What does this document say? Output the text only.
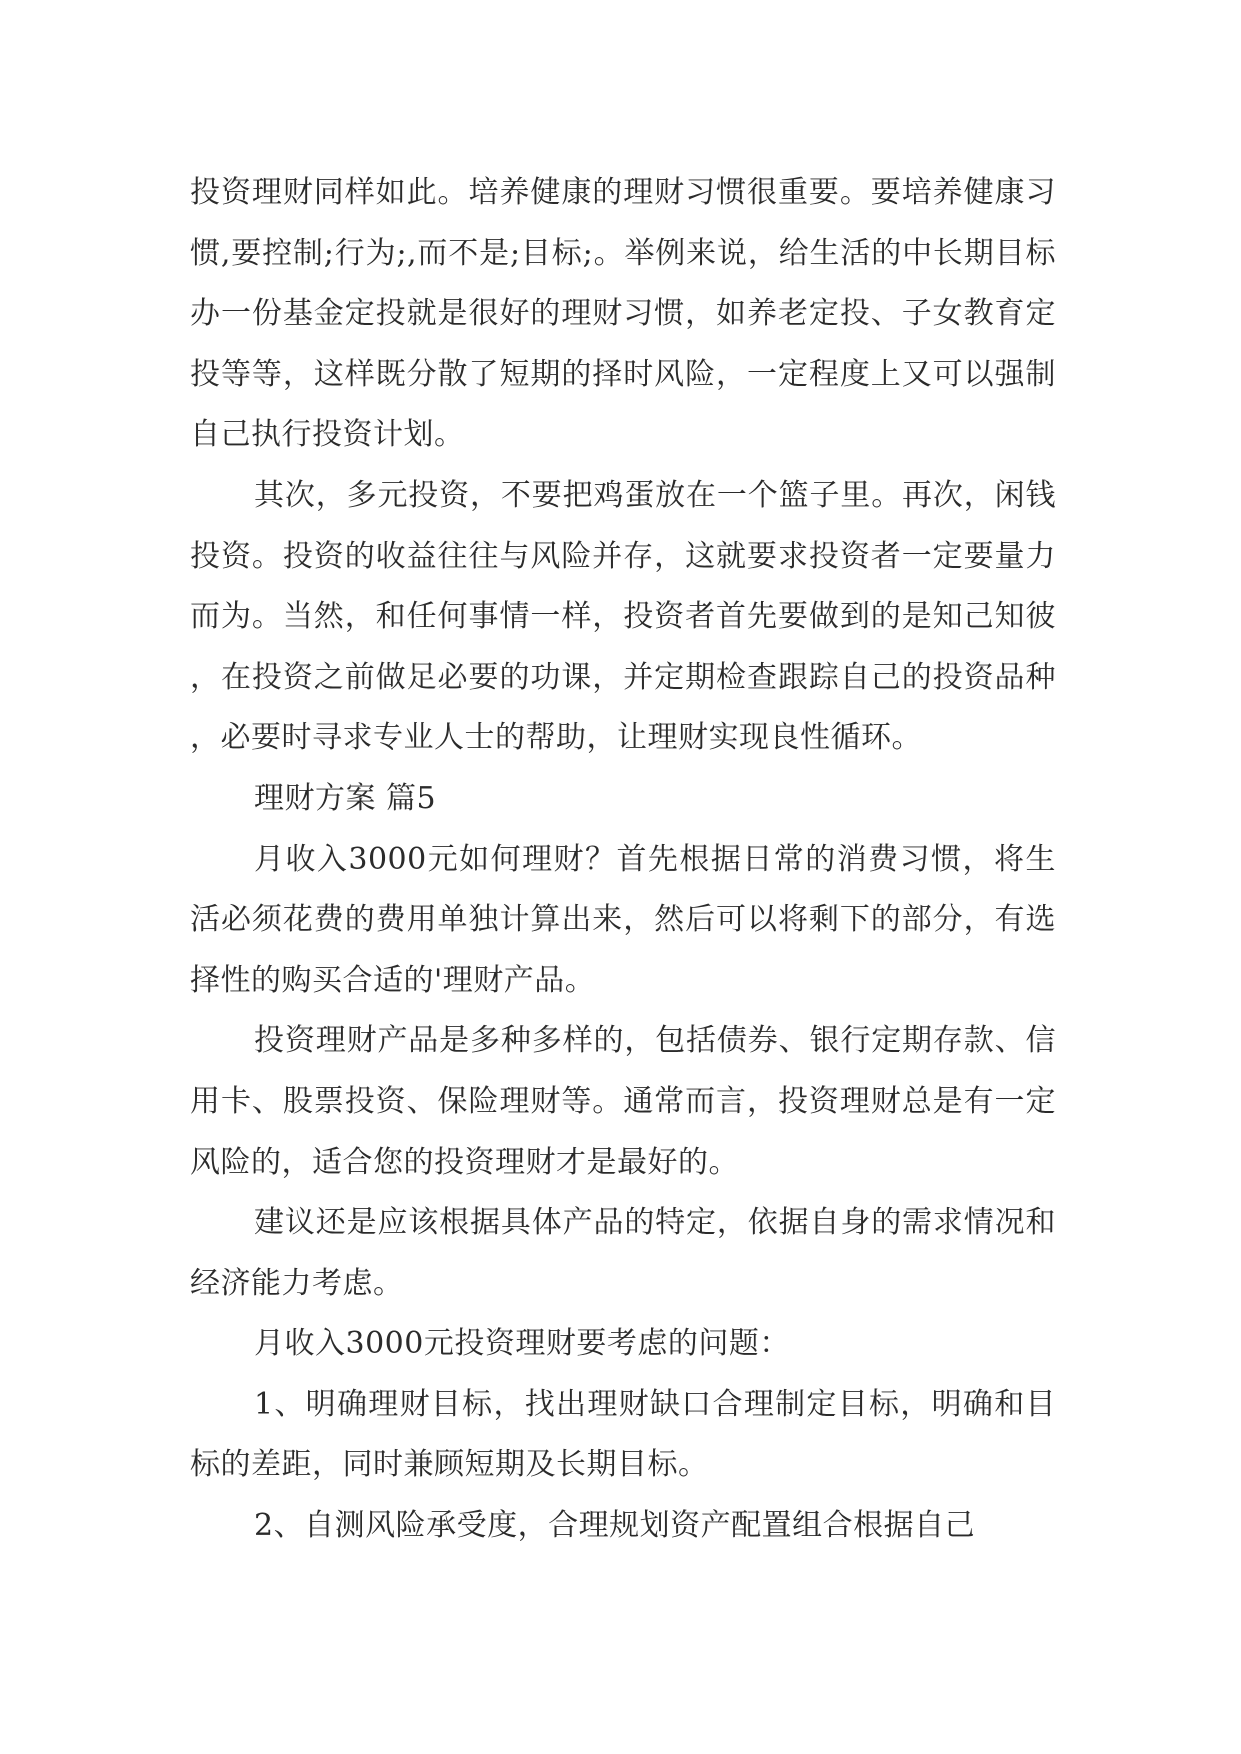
投资理财同样如此。培养健康的理财习惯很重要。要培养健康习惯,要控制;行为;,而不是;目标;。举例来说，给生活的中长期目标办一份基金定投就是很好的理财习惯，如养老定投、子女教育定投等等，这样既分散了短期的择时风险，一定程度上又可以强制自己执行投资计划。

其次，多元投资，不要把鸡蛋放在一个篮子里。再次，闲钱投资。投资的收益往往与风险并存，这就要求投资者一定要量力而为。当然，和任何事情一样，投资者首先要做到的是知己知彼，在投资之前做足必要的功课，并定期检查跟踪自己的投资品种，必要时寻求专业人士的帮助，让理财实现良性循环。

理财方案 篇5

月收入3000元如何理财？首先根据日常的消费习惯，将生活必须花费的费用单独计算出来，然后可以将剩下的部分，有选择性的购买合适的'理财产品。

投资理财产品是多种多样的，包括债券、银行定期存款、信用卡、股票投资、保险理财等。通常而言，投资理财总是有一定风险的，适合您的投资理财才是最好的。

建议还是应该根据具体产品的特定，依据自身的需求情况和经济能力考虑。

月收入3000元投资理财要考虑的问题：

1、明确理财目标，找出理财缺口合理制定目标，明确和目标的差距，同时兼顾短期及长期目标。

2、自测风险承受度，合理规划资产配置组合根据自己
